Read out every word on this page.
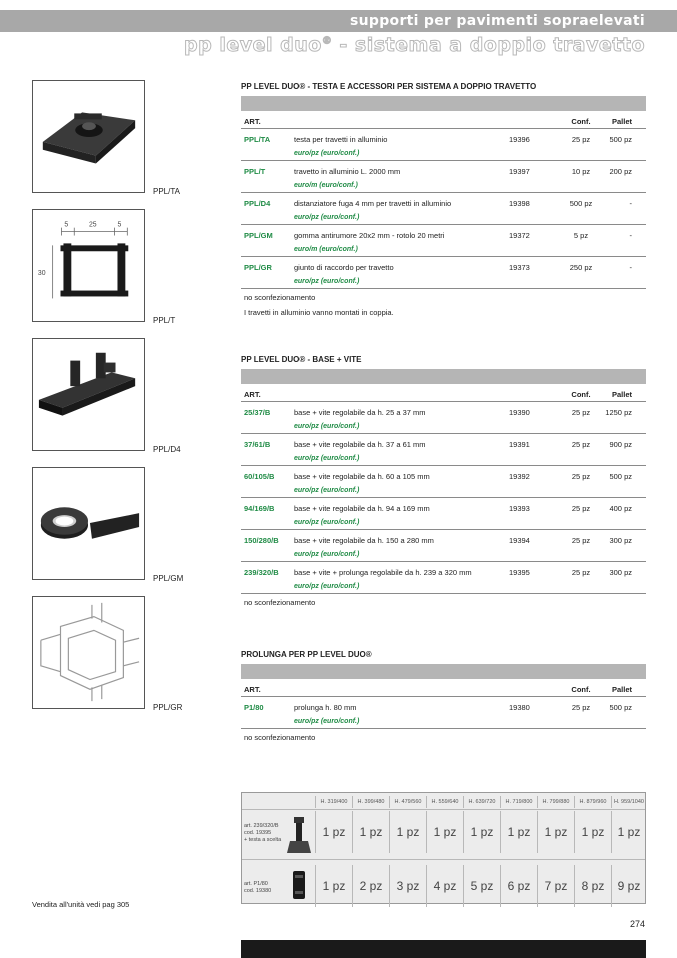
supporti per pavimenti sopraelevati
pp level duo® - sistema a doppio travetto
PPL/TA
5	25	5
30
PPL/T
PPL/D4
PPL/GM
PPL/GR
PP LEVEL DUO® - TESTA E ACCESSORI PER SISTEMA A DOPPIO TRAVETTO
ART.	Conf.	Pallet
PPL/TA	testa per travetti in alluminio	19396	25 pz	500 pz
euro/pz (euro/conf.)
PPL/T	travetto in alluminio L. 2000 mm	19397	10 pz	200 pz
euro/m (euro/conf.)
PPL/D4	distanziatore fuga 4 mm per travetti in alluminio	19398	500 pz	-
euro/pz (euro/conf.)
PPL/GM	gomma antirumore 20x2 mm - rotolo 20 metri	19372	5 pz	-
euro/m (euro/conf.)
PPL/GR	giunto di raccordo per travetto	19373	250 pz	-
euro/pz (euro/conf.)
no sconfezionamento
I travetti in alluminio vanno montati in coppia.
PP LEVEL DUO® - BASE + VITE
ART.	Conf.	Pallet
25/37/B	base + vite regolabile da h. 25 a 37 mm	19390	25 pz	1250 pz
euro/pz (euro/conf.)
37/61/B	base + vite regolabile da h. 37 a 61 mm	19391	25 pz	900 pz
euro/pz (euro/conf.)
60/105/B	base + vite regolabile da h. 60 a 105 mm	19392	25 pz	500 pz
euro/pz (euro/conf.)
94/169/B	base + vite regolabile da h. 94 a 169 mm	19393	25 pz	400 pz
euro/pz (euro/conf.)
150/280/B base + vite regolabile da h. 150 a 280 mm	19394	25 pz	300 pz
euro/pz (euro/conf.)
239/320/B base + vite + prolunga regolabile da h. 239 a 320 mm	19395	25 pz	300 pz
euro/pz (euro/conf.)
no sconfezionamento
PROLUNGA PER PP LEVEL DUO®
ART.	Conf.	Pallet
P1/80	prolunga h. 80 mm	19380	25 pz	500 pz
euro/pz (euro/conf.)
no sconfezionamento
H. 319/400	H. 399/480	H. 479/560	H. 559/640	H. 639/720	H. 719/800	H. 799/880	H. 879/960	H. 959/1040
art. 239/320/B
cod. 19395
+ testa a scelta
art. P1/80
cod. 19380
1 pz	1 pz	1 pz	1 pz	1 pz	1 pz	1 pz	1 pz	1 pz
1 pz	2 pz	3 pz	4 pz	5 pz	6 pz	7 pz	8 pz	9 pz
Vendita all'unità vedi pag 305
274
